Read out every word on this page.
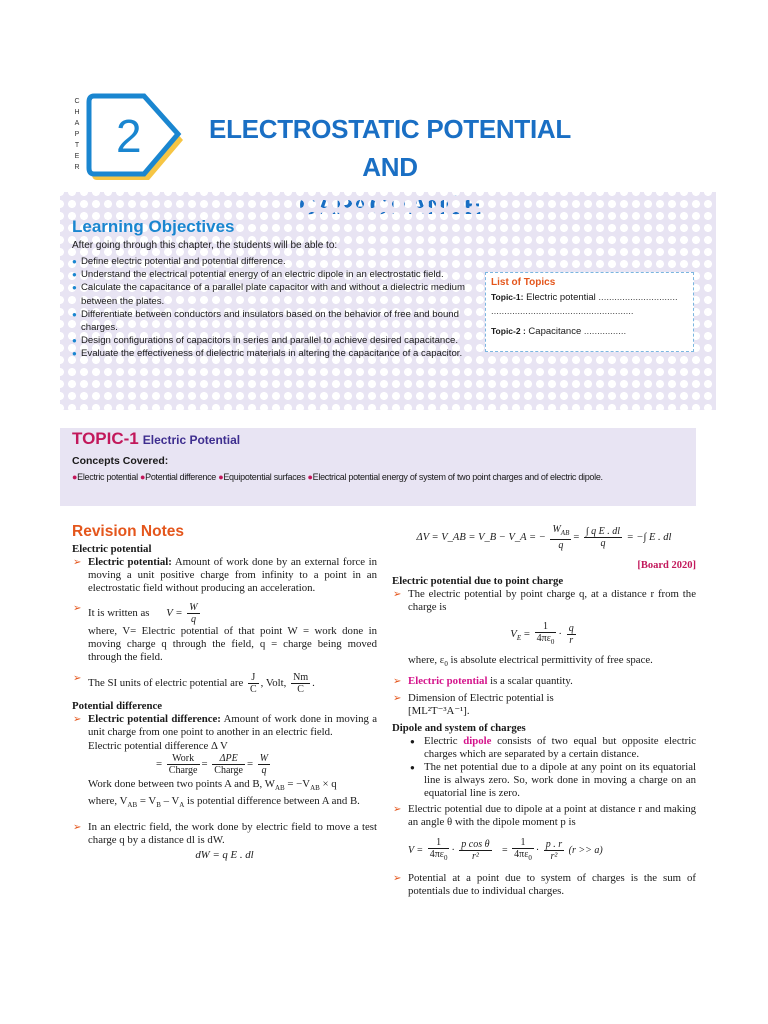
C
H
A
P
T
E
R
2	ELECTROSTATIC POTENTIAL AND
Learning Objectives
After going through this chapter, the students will be able to:
● Define electric potential and potential difference.
● Understand the electrical potential energy of an electric dipole in an electrostatic field.
● Calculate the capacitance of a parallel plate capacitor with and without a dielectric medium between the plates.
● Differentiate between conductors and insulators based on the behavior of free and bound charges.
● Design configurations of capacitors in series and parallel to achieve desired capacitance.
● Evaluate the effectiveness of dielectric materials in altering the capacitance of a capacitor.
List of Topics
Topic-1: Electric potential ..............................
......................................................
Topic-2 : Capacitance ................
TOPIC-1 Electric Potential
Concepts Covered:
●Electric potential ●Potential difference ●Equipotential surfaces ●Electrical potential energy of system of two point charges and of electric dipole.
Revision Notes
Electric potential
➢ Electric potential: Amount of work done by an external force in moving a unit positive charge from infinity to a point in an electrostatic field without producing an acceleration.
➢ It is written as $V = \frac{W}{q}$
where, V= Electric potential of that point W = work done in moving charge q through the field, q = charge being moved through the field.
➢ The SI units of electric potential are $\frac{J}{C}$ , Volt, $\frac{Nm}{C}$ .
Potential difference
➢ Electric potential difference: Amount of work done in moving a unit charge from one point to another in an electric field.
Electric potential difference Δ V
= $\frac{\text{Work}}{\text{Charge}} = \frac{\text{ΔPE}}{\text{Charge}} = \frac{W}{q}$
Work done between two points A and B, $W_{AB} = -V_{AB} \times q$
where, $V_{AB} = V_B - V_A$ is potential difference between A and B.
➢ In an electric field, the work done by electric field to move a test charge q by a distance dl is dW.
dW = q E . dl
ΔV = V_AB = V_B − V_A = − $\frac{W_{AB}}{q} = \frac{\text{∫ q E . dl}}{q}$ = −∫ E . dl
[Board 2020]
Electric potential due to point charge
➢ The electric potential by point charge q, at a distance r from the charge is
$V_E = \frac{1}{4\pi\varepsilon_0} \cdot \frac{q}{r}$
where, $\varepsilon_0$ is absolute electrical permittivity of free space.
➢ Electric potential is a scalar quantity.
➢ Dimension of Electric potential is
[ML²T⁻³A⁻¹].
Dipole and system of charges
● Electric dipole consists of two equal but opposite electric charges which are separated by a certain distance.
● The net potential due to a dipole at any point on its equatorial line is always zero. So, work done in moving a charge on an equatorial line is zero.
➢ Electric potential due to dipole at a point at distance r and making an angle θ with the dipole moment p is
$V = \frac{1}{4\pi\varepsilon_0} \cdot \frac{\text{p cos θ}}{\text{r²}} = \frac{1}{4\pi\varepsilon_0} \cdot \frac{p . r}{\text{r²}} (r >> a)$
➢ Potential at a point due to system of charges is the sum of potentials due to individual charges.
